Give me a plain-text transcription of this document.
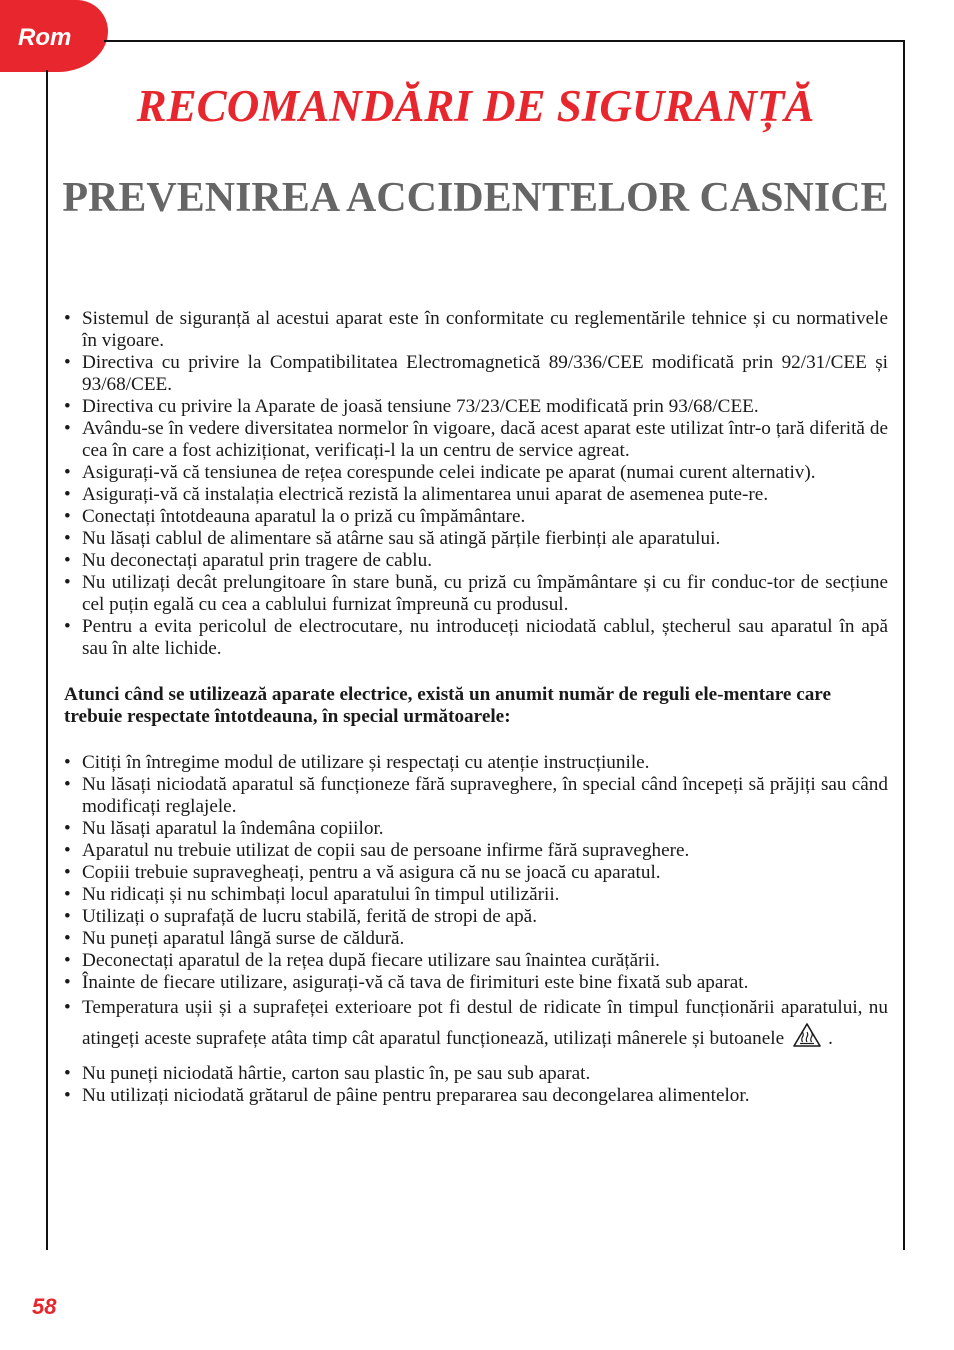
Rom
RECOMANDĂRI DE SIGURANȚĂ
PREVENIREA ACCIDENTELOR CASNICE
• Sistemul de siguranță al acestui aparat este în conformitate cu reglementările tehnice și cu normativele în vigoare.
• Directiva cu privire la Compatibilitatea Electromagnetică 89/336/CEE modificată prin 92/31/CEE și 93/68/CEE.
• Directiva cu privire la Aparate de joasă tensiune 73/23/CEE modificată prin 93/68/CEE.
• Avându-se în vedere diversitatea normelor în vigoare, dacă acest aparat este utilizat într-o țară diferită de cea în care a fost achiziționat, verificați-l la un centru de service agreat.
• Asigurați-vă că tensiunea de rețea corespunde celei indicate pe aparat (numai curent alternativ).
• Asigurați-vă că instalația electrică rezistă la alimentarea unui aparat de asemenea pute-re.
• Conectați întotdeauna aparatul la o priză cu împământare.
• Nu lăsați cablul de alimentare să atârne sau să atingă părțile fierbinți ale aparatului.
• Nu deconectați aparatul prin tragere de cablu.
• Nu utilizați decât prelungitoare în stare bună, cu priză cu împământare și cu fir conduc-tor de secțiune cel puțin egală cu cea a cablului furnizat împreună cu produsul.
• Pentru a evita pericolul de electrocutare, nu introduceți niciodată cablul, ștecherul sau aparatul în apă sau în alte lichide.

Atunci când se utilizează aparate electrice, există un anumit număr de reguli ele-mentare care trebuie respectate întotdeauna, în special următoarele:

• Citiți în întregime modul de utilizare și respectați cu atenție instrucțiunile.
• Nu lăsați niciodată aparatul să funcționeze fără supraveghere, în special când începeți să prăjiți sau când modificați reglajele.
• Nu lăsați aparatul la îndemâna copiilor.
• Aparatul nu trebuie utilizat de copii sau de persoane infirme fără supraveghere.
• Copiii trebuie supravegheați, pentru a vă asigura că nu se joacă cu aparatul.
• Nu ridicați și nu schimbați locul aparatului în timpul utilizării.
• Utilizați o suprafață de lucru stabilă, ferită de stropi de apă.
• Nu puneți aparatul lângă surse de căldură.
• Deconectați aparatul de la rețea după fiecare utilizare sau înaintea curățării.
• Înainte de fiecare utilizare, asigurați-vă că tava de firimituri este bine fixată sub aparat.
• Temperatura ușii și a suprafeței exterioare pot fi destul de ridicate în timpul funcționării aparatului, nu atingeți aceste suprafețe atâta timp cât aparatul funcționează, utilizați mânerele și butoanele .
• Nu puneți niciodată hârtie, carton sau plastic în, pe sau sub aparat.
• Nu utilizați niciodată grătarul de pâine pentru prepararea sau decongelarea alimentelor.
58
